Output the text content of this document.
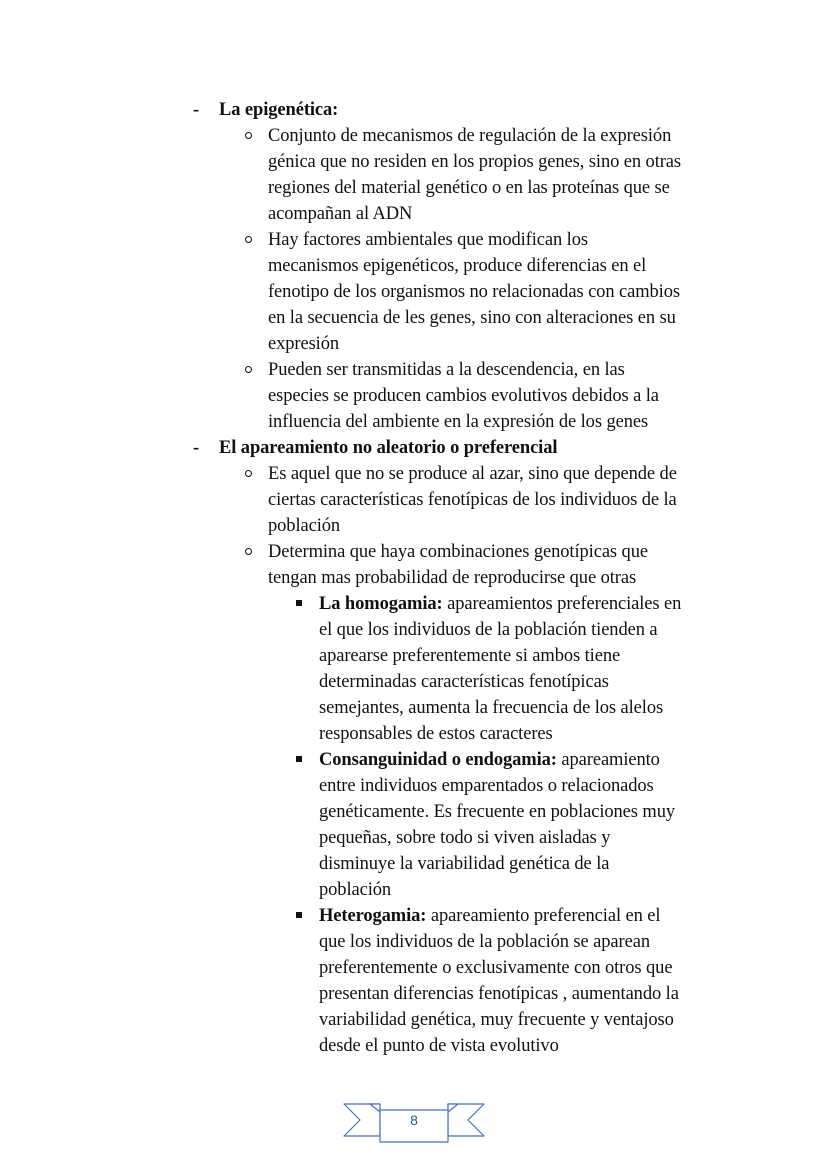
- La epigenética:
Conjunto de mecanismos de regulación de la expresión
génica que no residen en los propios genes, sino en otras
regiones del material genético o en las proteínas que se
acompañan al ADN
Hay factores ambientales que modifican los
mecanismos epigenéticos, produce diferencias en el
fenotipo de los organismos no relacionadas con cambios
en la secuencia de les genes, sino con alteraciones en su
expresión
Pueden ser transmitidas a la descendencia, en las
especies se producen cambios evolutivos debidos a la
influencia del ambiente en la expresión de los genes
- El apareamiento no aleatorio o preferencial
Es aquel que no se produce al azar, sino que depende de
ciertas características fenotípicas de los individuos de la
población
Determina que haya combinaciones genotípicas que
tengan mas probabilidad de reproducirse que otras
La homogamia: apareamientos preferenciales en
el que los individuos de la población tienden a
aparearse preferentemente si ambos tiene
determinadas características fenotípicas
semejantes, aumenta la frecuencia de los alelos
responsables de estos caracteres
Consanguinidad o endogamia: apareamiento
entre individuos emparentados o relacionados
genéticamente. Es frecuente en poblaciones muy
pequeñas, sobre todo si viven aisladas y
disminuye la variabilidad genética de la
población
Heterogamia: apareamiento preferencial en el
que los individuos de la población se aparean
preferentemente o exclusivamente con otros que
presentan diferencias fenotípicas , aumentando la
variabilidad genética, muy frecuente y ventajoso
desde el punto de vista evolutivo
8
